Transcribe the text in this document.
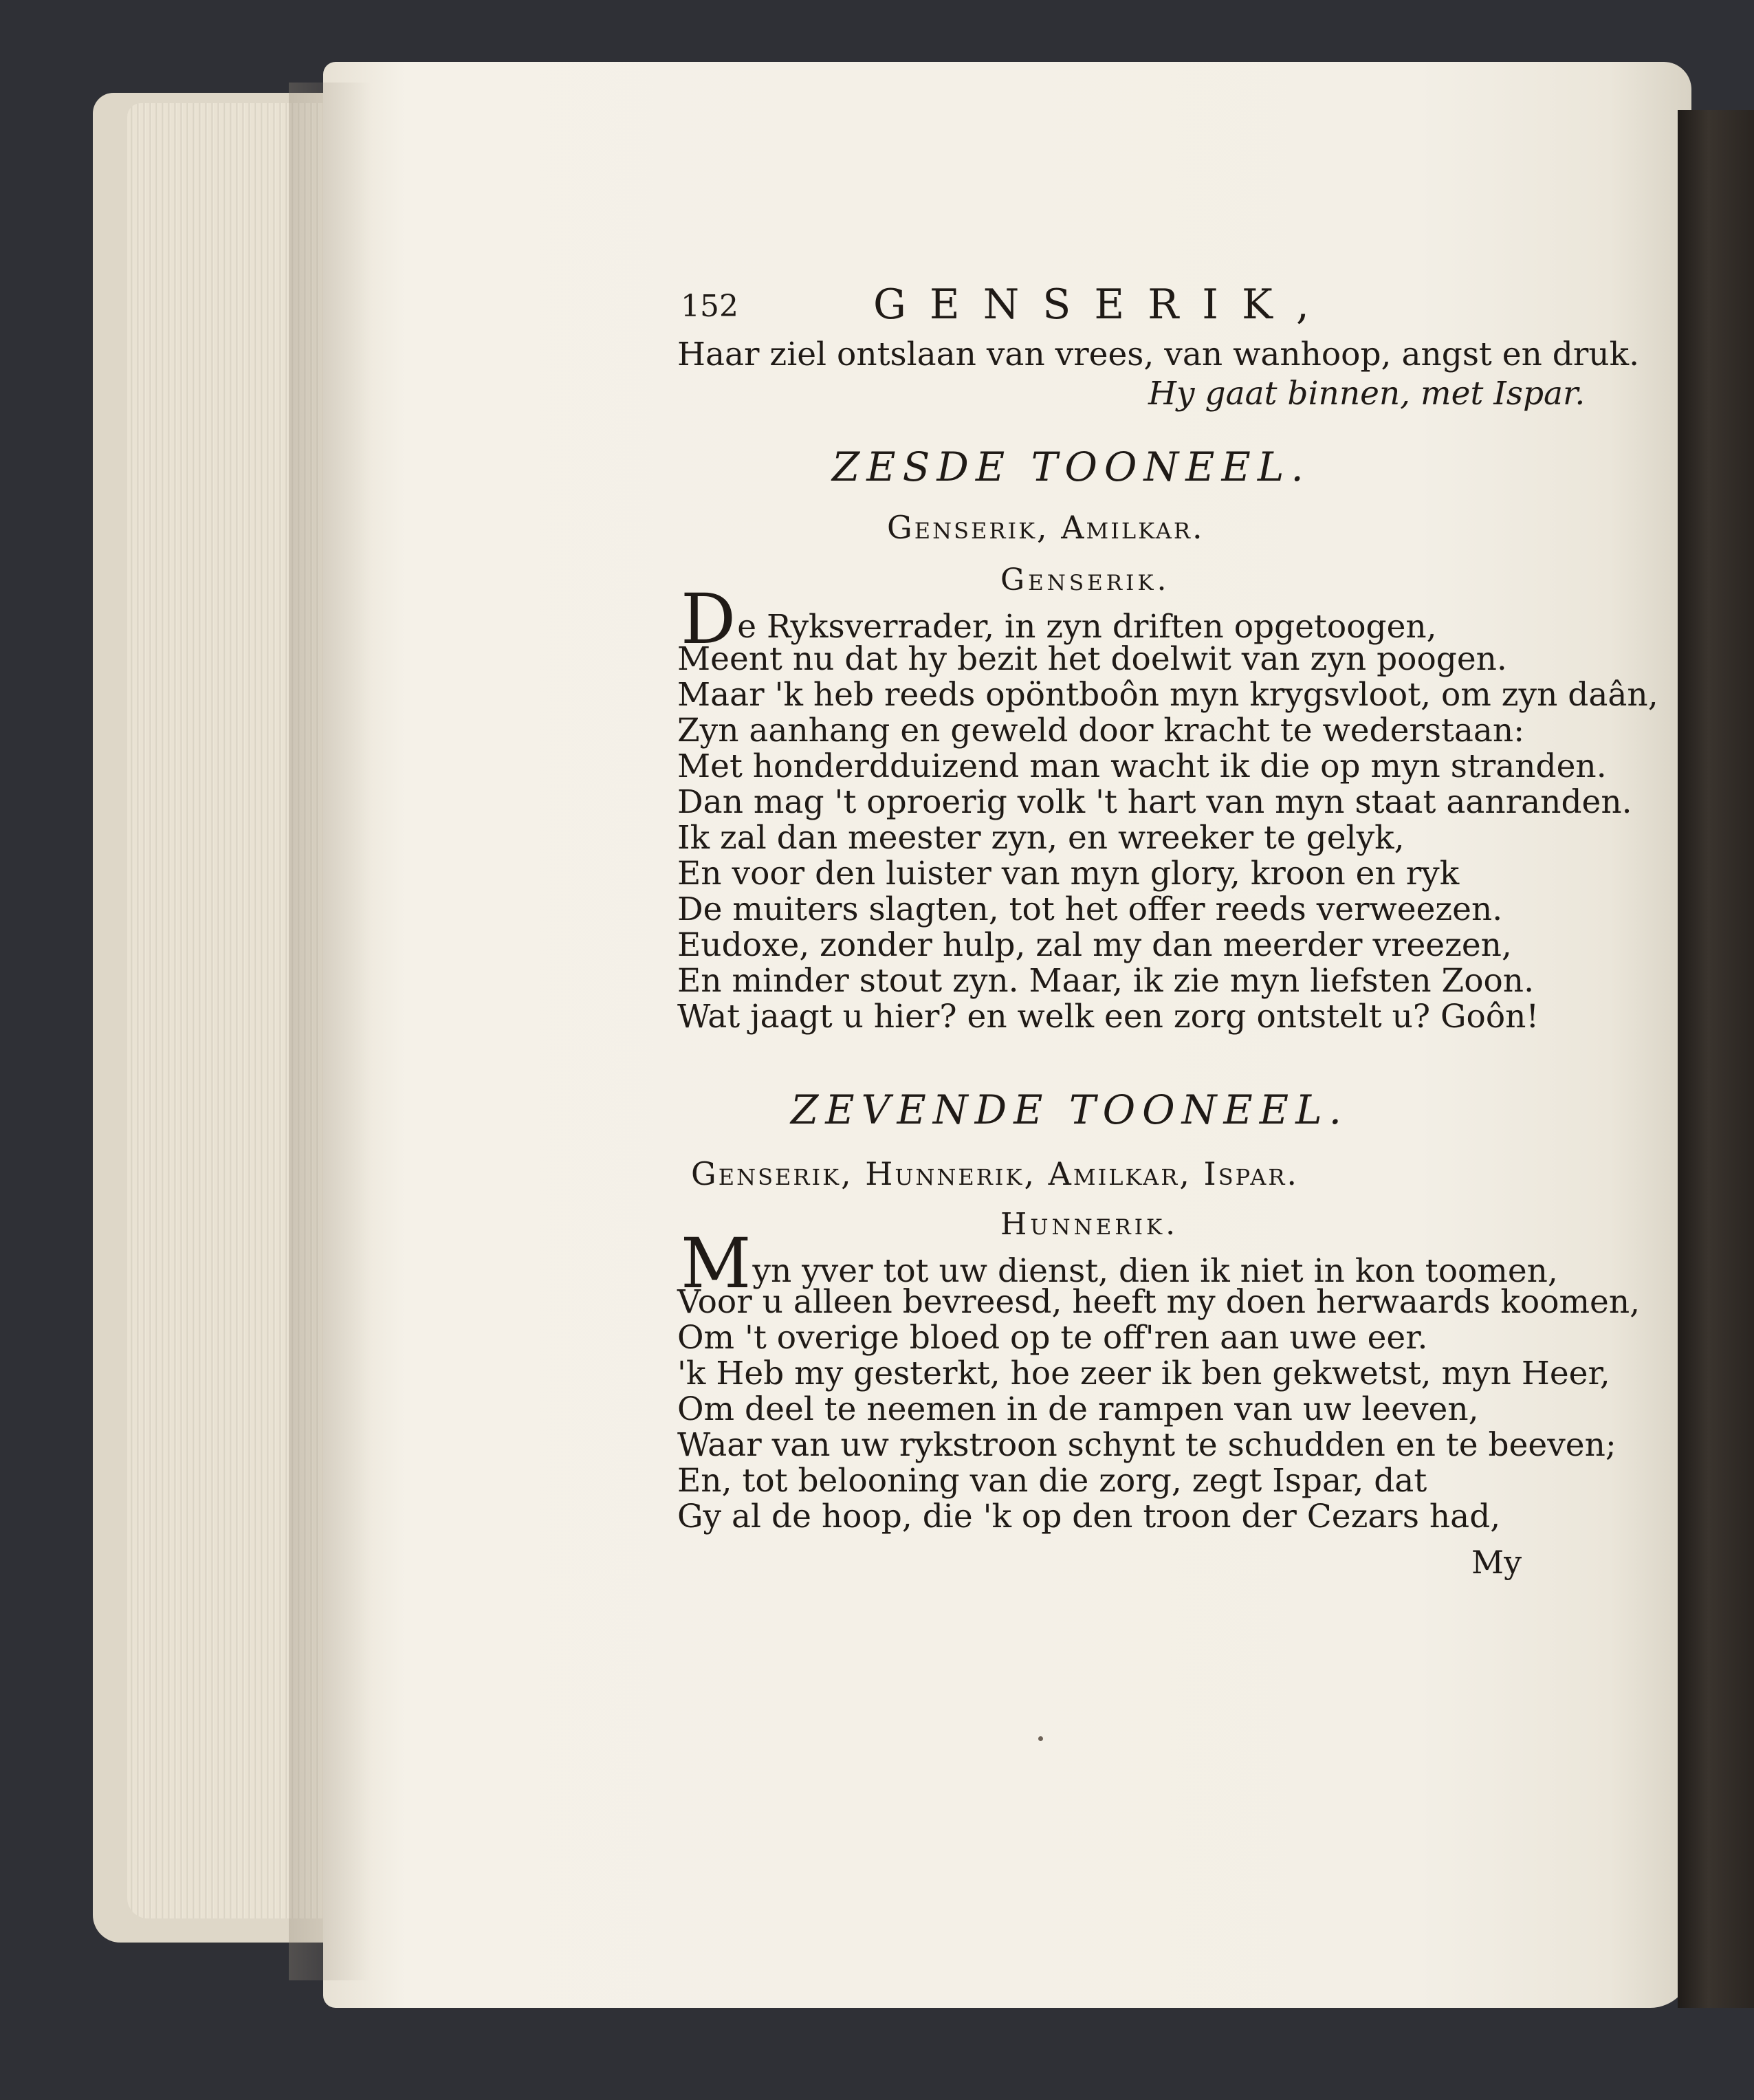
152	GENSERIK,
Haar ziel ontslaan van vrees, van wanhoop, angst en druk.
Hy gaat binnen, met Ispar.
ZESDE TOONEEL.
Genserik, Amilkar.
Genserik.
De Ryksverrader, in zyn driften opgetoogen,
Meent nu dat hy bezit het doelwit van zyn poogen.
Maar 'k heb reeds opöntboôn myn krygsvloot, om zyn daân,
Zyn aanhang en geweld door kracht te wederstaan:
Met honderdduizend man wacht ik die op myn stranden.
Dan mag 't oproerig volk 't hart van myn staat aanranden.
Ik zal dan meester zyn, en wreeker te gelyk,
En voor den luister van myn glory, kroon en ryk
De muiters slagten, tot het offer reeds verweezen.
Eudoxe, zonder hulp, zal my dan meerder vreezen,
En minder stout zyn. Maar, ik zie myn liefsten Zoon.
Wat jaagt u hier? en welk een zorg ontstelt u? Goôn!
ZEVENDE TOONEEL.
Genserik, Hunnerik, Amilkar, Ispar.
Hunnerik.
Myn yver tot uw dienst, dien ik niet in kon toomen,
Voor u alleen bevreesd, heeft my doen herwaards koomen,
Om 't overige bloed op te off'ren aan uwe eer.
'k Heb my gesterkt, hoe zeer ik ben gekwetst, myn Heer,
Om deel te neemen in de rampen van uw leeven,
Waar van uw rykstroon schynt te schudden en te beeven;
En, tot belooning van die zorg, zegt Ispar, dat
Gy al de hoop, die 'k op den troon der Cezars had,
My
